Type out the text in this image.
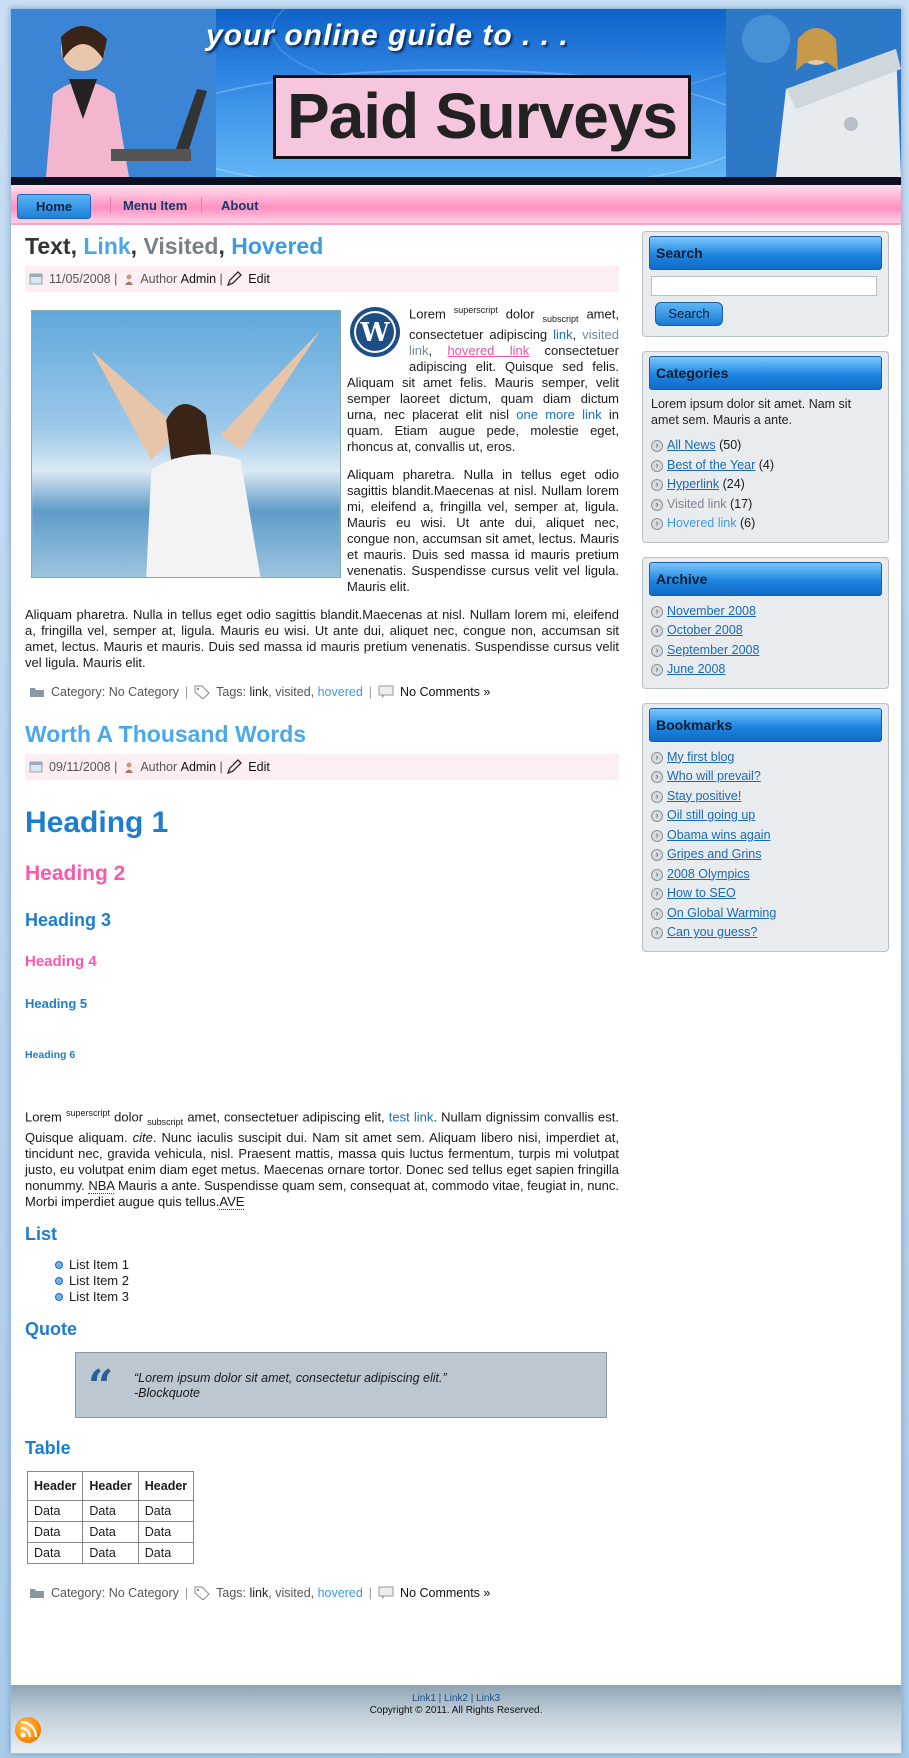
your online guide to . . .
Paid Surveys
Home	Menu Item	About
Text, Link, Visited, Hovered
11/05/2008 | Author
Admin | Edit
W

Lorem $^{superscript}$ dolor $_{subscript}$ amet, consectetuer adipiscing link, visited link, hovered link consectetuer adipiscing elit. Quisque sed felis. Aliquam sit amet felis. Mauris semper, velit semper laoreet dictum, quam diam dictum urna, nec placerat elit nisl one more link in quam. Etiam augue pede, molestie eget, rhoncus at, convallis ut, eros.

Aliquam pharetra. Nulla in tellus eget odio sagittis blandit.Maecenas at nisl. Nullam lorem mi, eleifend a, fringilla vel, semper at, ligula. Mauris eu wisi. Ut ante dui, aliquet nec, congue non, accumsan sit amet, lectus. Mauris et mauris. Duis sed massa id mauris pretium venenatis. Suspendisse cursus velit vel ligula. Mauris elit.

Aliquam pharetra. Nulla in tellus eget odio sagittis blandit.Maecenas at nisl. Nullam lorem mi, eleifend a, fringilla vel, semper at, ligula. Mauris eu wisi. Ut ante dui, aliquet nec, congue non, accumsan sit amet, lectus. Mauris et mauris. Duis sed massa id mauris pretium venenatis. Suspendisse cursus velit vel ligula. Mauris elit.

Category:
No Category | Tags:
link , visited , hovered | No Comments »
Worth A Thousand Words
09/11/2008 | Author
Admin | Edit
Heading 1
Heading 2
Heading 3
Heading 4
Heading 5
Heading 6

Lorem $^{superscript}$ dolor $_{subscript}$ amet, consectetuer adipiscing elit, test link. Nullam dignissim convallis est. Quisque aliquam. cite. Nunc iaculis suscipit dui. Nam sit amet sem. Aliquam libero nisi, imperdiet at, tincidunt nec, gravida vehicula, nisl. Praesent mattis, massa quis luctus fermentum, turpis mi volutpat justo, eu volutpat enim diam eget metus. Maecenas ornare tortor. Donec sed tellus eget sapien fringilla nonummy. NBA Mauris a ante. Suspendisse quam sem, consequat at, commodo vitae, feugiat in, nunc. Morbi imperdiet augue quis tellus.AVE

List
List Item 1
List Item 2
List Item 3
Quote
“ “Lorem ipsum dolor sit amet, consectetur adipiscing elit.”
-Blockquote
Table
Header	Header	Header
Data	Data	Data
Data	Data	Data
Data	Data	Data
Category:
No Category | Tags:
link , visited , hovered | No Comments »
Search
Search
Categories
Lorem ipsum dolor sit amet. Nam sit amet sem. Mauris a ante.
› All News (50)
› Best of the Year (4)
› Hyperlink (24)
› Visited link (17)
› Hovered link (6)
Archive
› November 2008
› October 2008
› September 2008
› June 2008
Bookmarks
› My first blog
› Who will prevail?
› Stay positive!
› Oil still going up
› Obama wins again
› Gripes and Grins
› 2008 Olympics
› How to SEO
› On Global Warming
› Can you guess?
Link1 | Link2 | Link3
Copyright © 2011. All Rights Reserved.
